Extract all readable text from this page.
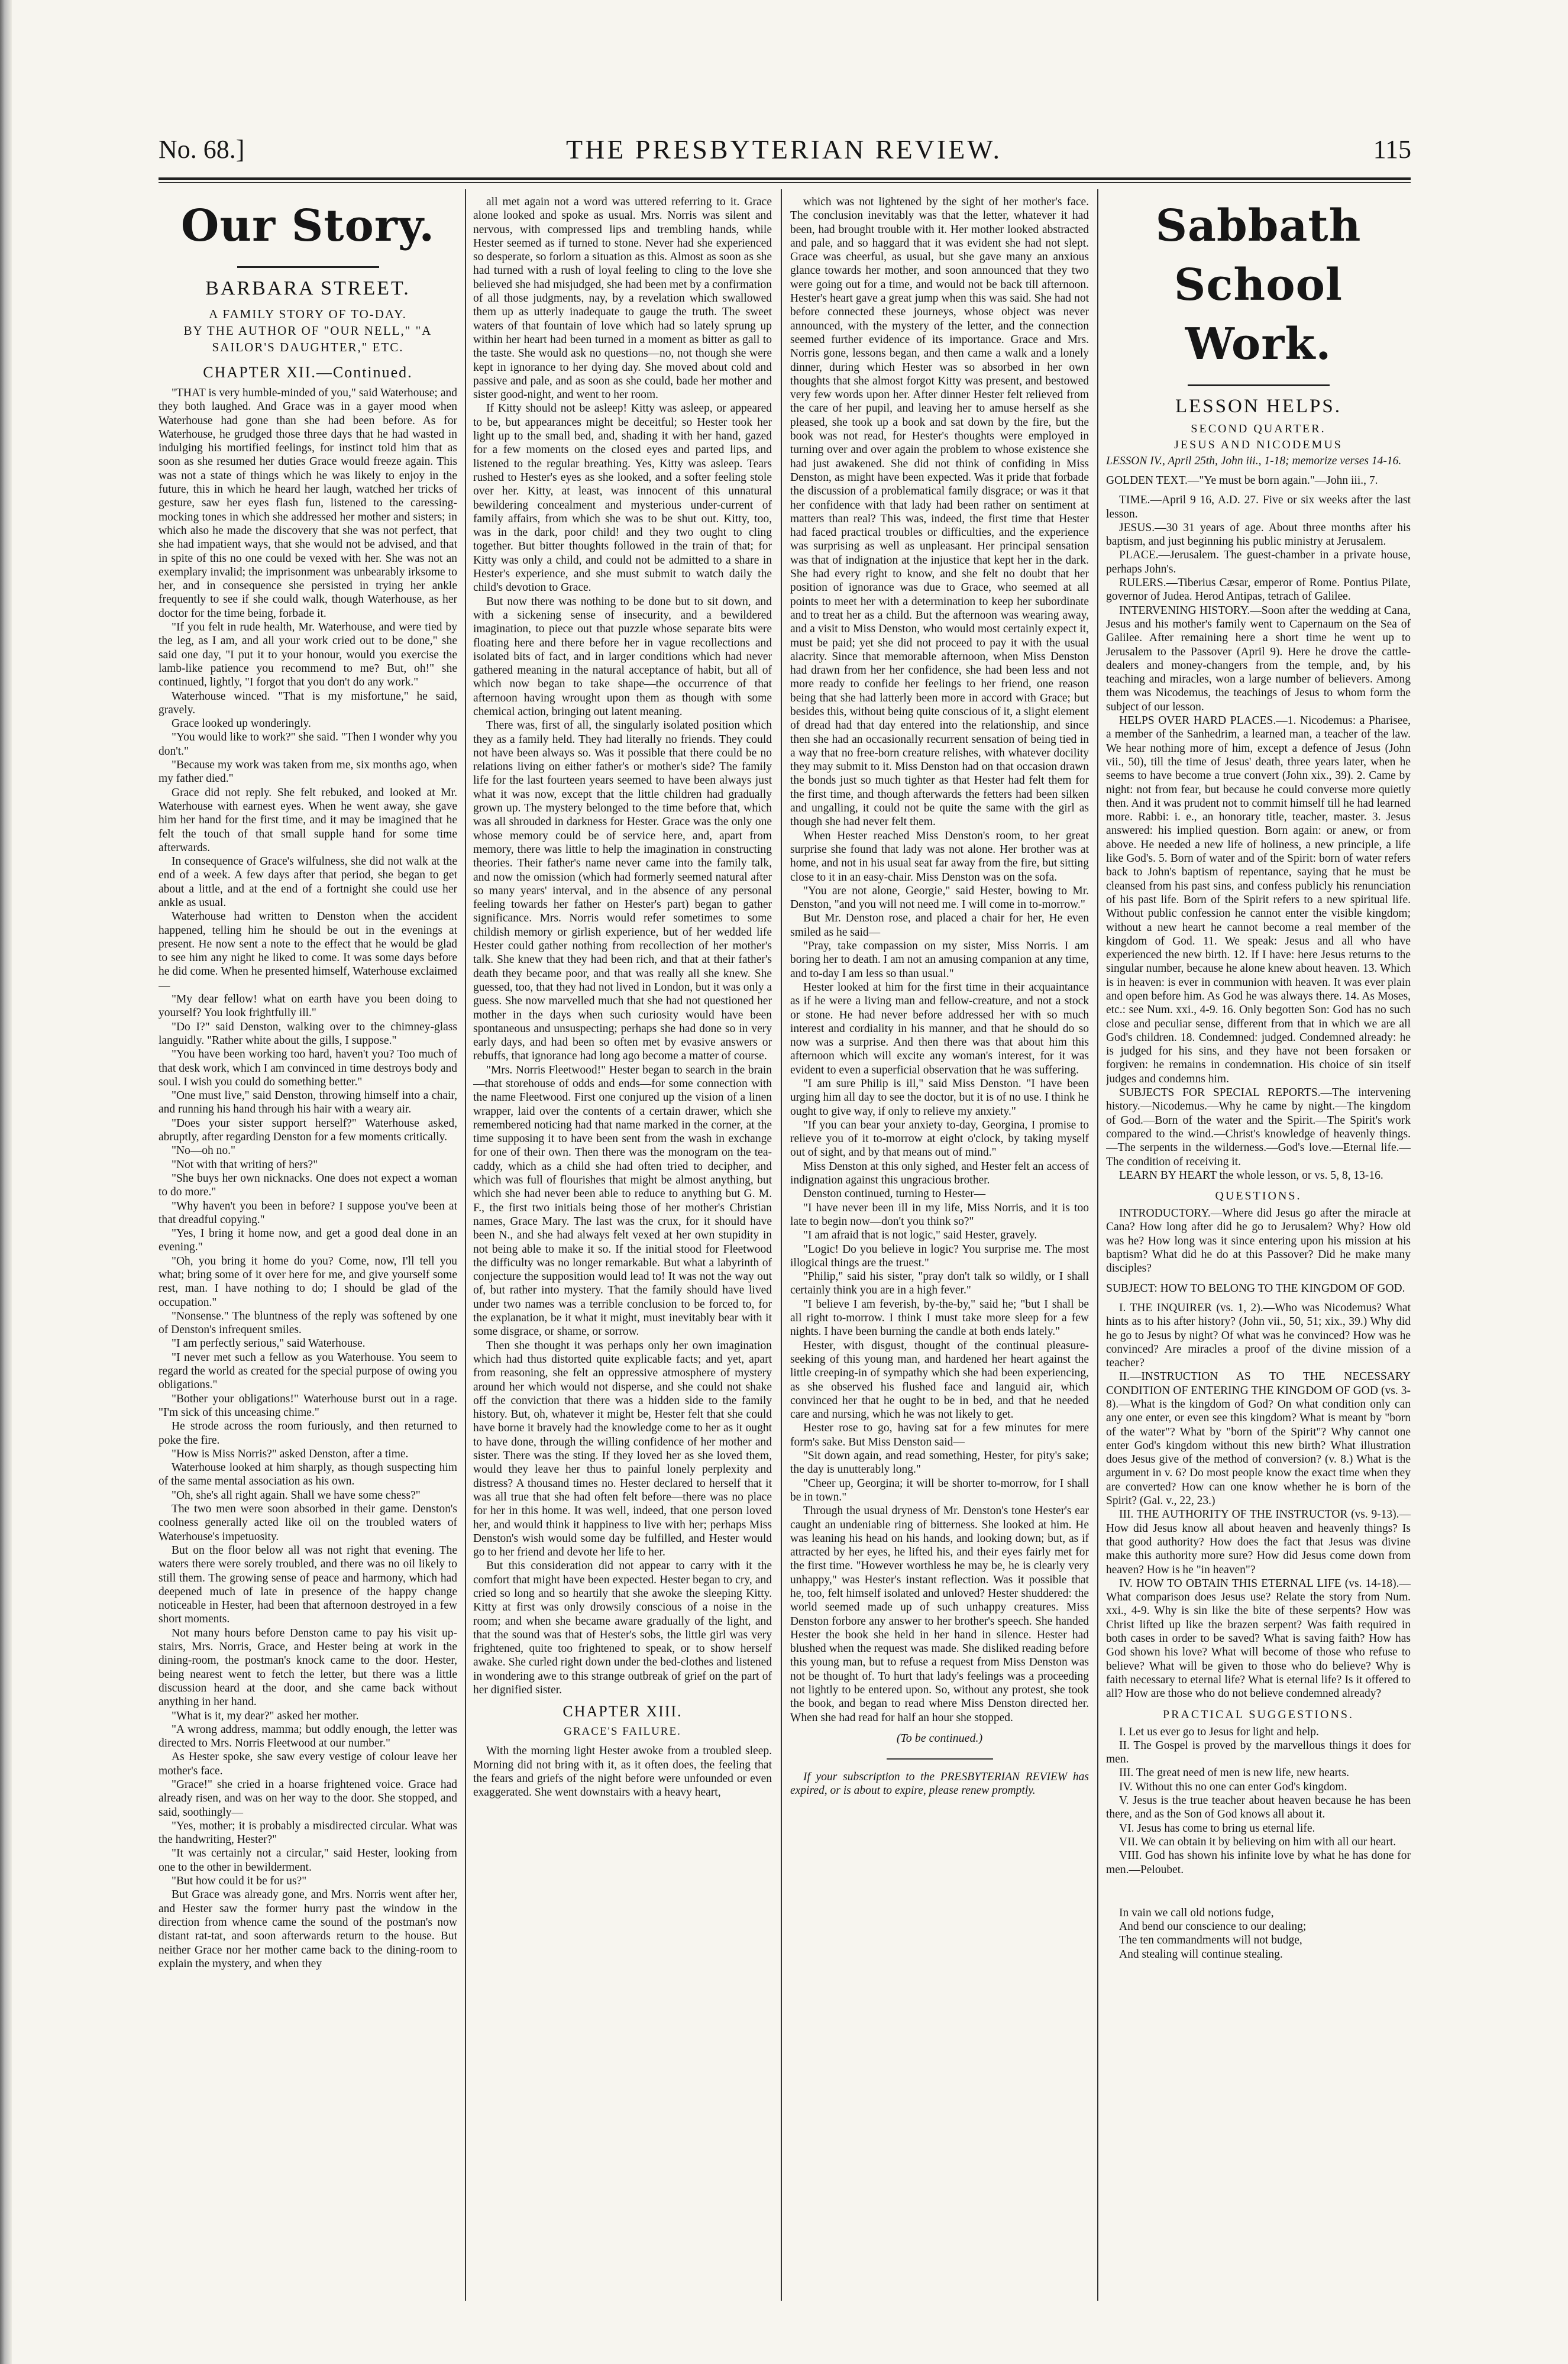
No. 68.]	THE PRESBYTERIAN REVIEW.	115
Our Story.
BARBARA STREET.
A FAMILY STORY OF TO-DAY.
BY THE AUTHOR OF "OUR NELL," "A SAILOR'S DAUGHTER," ETC.
CHAPTER XII.—Continued.

"THAT is very humble-minded of you," said Waterhouse; and they both laughed. And Grace was in a gayer mood when Waterhouse had gone than she had been before. As for Waterhouse, he grudged those three days that he had wasted in indulging his mortified feelings, for instinct told him that as soon as she resumed her duties Grace would freeze again. This was not a state of things which he was likely to enjoy in the future, this in which he heard her laugh, watched her tricks of gesture, saw her eyes flash fun, listened to the caressing-mocking tones in which she addressed her mother and sisters; in which also he made the discovery that she was not perfect, that she had impatient ways, that she would not be advised, and that in spite of this no one could be vexed with her. She was not an exemplary invalid; the imprisonment was unbearably irksome to her, and in consequence she persisted in trying her ankle frequently to see if she could walk, though Waterhouse, as her doctor for the time being, forbade it.

"If you felt in rude health, Mr. Waterhouse, and were tied by the leg, as I am, and all your work cried out to be done," she said one day, "I put it to your honour, would you exercise the lamb-like patience you recommend to me? But, oh!" she continued, lightly, "I forgot that you don't do any work."

Waterhouse winced. "That is my misfortune," he said, gravely.

Grace looked up wonderingly.

"You would like to work?" she said. "Then I wonder why you don't."

"Because my work was taken from me, six months ago, when my father died."

Grace did not reply. She felt rebuked, and looked at Mr. Waterhouse with earnest eyes. When he went away, she gave him her hand for the first time, and it may be imagined that he felt the touch of that small supple hand for some time afterwards.

In consequence of Grace's wilfulness, she did not walk at the end of a week. A few days after that period, she began to get about a little, and at the end of a fortnight she could use her ankle as usual.

Waterhouse had written to Denston when the accident happened, telling him he should be out in the evenings at present. He now sent a note to the effect that he would be glad to see him any night he liked to come. It was some days before he did come. When he presented himself, Waterhouse exclaimed—

"My dear fellow! what on earth have you been doing to yourself? You look frightfully ill."

"Do I?" said Denston, walking over to the chimney-glass languidly. "Rather white about the gills, I suppose."

"You have been working too hard, haven't you? Too much of that desk work, which I am convinced in time destroys body and soul. I wish you could do something better."

"One must live," said Denston, throwing himself into a chair, and running his hand through his hair with a weary air.

"Does your sister support herself?" Waterhouse asked, abruptly, after regarding Denston for a few moments critically.

"No—oh no."

"Not with that writing of hers?"

"She buys her own nicknacks. One does not expect a woman to do more."

"Why haven't you been in before? I suppose you've been at that dreadful copying."

"Yes, I bring it home now, and get a good deal done in an evening."

"Oh, you bring it home do you? Come, now, I'll tell you what; bring some of it over here for me, and give yourself some rest, man. I have nothing to do; I should be glad of the occupation."

"Nonsense." The bluntness of the reply was softened by one of Denston's infrequent smiles.

"I am perfectly serious," said Waterhouse.

"I never met such a fellow as you Waterhouse. You seem to regard the world as created for the special purpose of owing you obligations."

"Bother your obligations!" Waterhouse burst out in a rage. "I'm sick of this unceasing chime."

He strode across the room furiously, and then returned to poke the fire.

"How is Miss Norris?" asked Denston, after a time.

Waterhouse looked at him sharply, as though suspecting him of the same mental association as his own.

"Oh, she's all right again. Shall we have some chess?"

The two men were soon absorbed in their game. Denston's coolness generally acted like oil on the troubled waters of Waterhouse's impetuosity.

But on the floor below all was not right that evening. The waters there were sorely troubled, and there was no oil likely to still them. The growing sense of peace and harmony, which had deepened much of late in presence of the happy change noticeable in Hester, had been that afternoon destroyed in a few short moments.

Not many hours before Denston came to pay his visit up-stairs, Mrs. Norris, Grace, and Hester being at work in the dining-room, the postman's knock came to the door. Hester, being nearest went to fetch the letter, but there was a little discussion heard at the door, and she came back without anything in her hand.

"What is it, my dear?" asked her mother.

"A wrong address, mamma; but oddly enough, the letter was directed to Mrs. Norris Fleetwood at our number."

As Hester spoke, she saw every vestige of colour leave her mother's face.

"Grace!" she cried in a hoarse frightened voice. Grace had already risen, and was on her way to the door. She stopped, and said, soothingly—

"Yes, mother; it is probably a misdirected circular. What was the handwriting, Hester?"

"It was certainly not a circular," said Hester, looking from one to the other in bewilderment.

"But how could it be for us?"

But Grace was already gone, and Mrs. Norris went after her, and Hester saw the former hurry past the window in the direction from whence came the sound of the postman's now distant rat-tat, and soon afterwards return to the house. But neither Grace nor her mother came back to the dining-room to explain the mystery, and when they

all met again not a word was uttered referring to it. Grace alone looked and spoke as usual. Mrs. Norris was silent and nervous, with compressed lips and trembling hands, while Hester seemed as if turned to stone. Never had she experienced so desperate, so forlorn a situation as this. Almost as soon as she had turned with a rush of loyal feeling to cling to the love she believed she had misjudged, she had been met by a confirmation of all those judgments, nay, by a revelation which swallowed them up as utterly inadequate to gauge the truth. The sweet waters of that fountain of love which had so lately sprung up within her heart had been turned in a moment as bitter as gall to the taste. She would ask no questions—no, not though she were kept in ignorance to her dying day. She moved about cold and passive and pale, and as soon as she could, bade her mother and sister good-night, and went to her room.

If Kitty should not be asleep! Kitty was asleep, or appeared to be, but appearances might be deceitful; so Hester took her light up to the small bed, and, shading it with her hand, gazed for a few moments on the closed eyes and parted lips, and listened to the regular breathing. Yes, Kitty was asleep. Tears rushed to Hester's eyes as she looked, and a softer feeling stole over her. Kitty, at least, was innocent of this unnatural bewildering concealment and mysterious under-current of family affairs, from which she was to be shut out. Kitty, too, was in the dark, poor child! and they two ought to cling together. But bitter thoughts followed in the train of that; for Kitty was only a child, and could not be admitted to a share in Hester's experience, and she must submit to watch daily the child's devotion to Grace.

But now there was nothing to be done but to sit down, and with a sickening sense of insecurity, and a bewildered imagination, to piece out that puzzle whose separate bits were floating here and there before her in vague recollections and isolated bits of fact, and in larger conditions which had never gathered meaning in the natural acceptance of habit, but all of which now began to take shape—the occurrence of that afternoon having wrought upon them as though with some chemical action, bringing out latent meaning.

There was, first of all, the singularly isolated position which they as a family held. They had literally no friends. They could not have been always so. Was it possible that there could be no relations living on either father's or mother's side? The family life for the last fourteen years seemed to have been always just what it was now, except that the little children had gradually grown up. The mystery belonged to the time before that, which was all shrouded in darkness for Hester. Grace was the only one whose memory could be of service here, and, apart from memory, there was little to help the imagination in constructing theories. Their father's name never came into the family talk, and now the omission (which had formerly seemed natural after so many years' interval, and in the absence of any personal feeling towards her father on Hester's part) began to gather significance. Mrs. Norris would refer sometimes to some childish memory or girlish experience, but of her wedded life Hester could gather nothing from recollection of her mother's talk. She knew that they had been rich, and that at their father's death they became poor, and that was really all she knew. She guessed, too, that they had not lived in London, but it was only a guess. She now marvelled much that she had not questioned her mother in the days when such curiosity would have been spontaneous and unsuspecting; perhaps she had done so in very early days, and had been so often met by evasive answers or rebuffs, that ignorance had long ago become a matter of course.

"Mrs. Norris Fleetwood!" Hester began to search in the brain—that storehouse of odds and ends—for some connection with the name Fleetwood. First one conjured up the vision of a linen wrapper, laid over the contents of a certain drawer, which she remembered noticing had that name marked in the corner, at the time supposing it to have been sent from the wash in exchange for one of their own. Then there was the monogram on the tea-caddy, which as a child she had often tried to decipher, and which was full of flourishes that might be almost anything, but which she had never been able to reduce to anything but G. M. F., the first two initials being those of her mother's Christian names, Grace Mary. The last was the crux, for it should have been N., and she had always felt vexed at her own stupidity in not being able to make it so. If the initial stood for Fleetwood the difficulty was no longer remarkable. But what a labyrinth of conjecture the supposition would lead to! It was not the way out of, but rather into mystery. That the family should have lived under two names was a terrible conclusion to be forced to, for the explanation, be it what it might, must inevitably bear with it some disgrace, or shame, or sorrow.

Then she thought it was perhaps only her own imagination which had thus distorted quite explicable facts; and yet, apart from reasoning, she felt an oppressive atmosphere of mystery around her which would not disperse, and she could not shake off the conviction that there was a hidden side to the family history. But, oh, whatever it might be, Hester felt that she could have borne it bravely had the knowledge come to her as it ought to have done, through the willing confidence of her mother and sister. There was the sting. If they loved her as she loved them, would they leave her thus to painful lonely perplexity and distress? A thousand times no. Hester declared to herself that it was all true that she had often felt before—there was no place for her in this home. It was well, indeed, that one person loved her, and would think it happiness to live with her; perhaps Miss Denston's wish would some day be fulfilled, and Hester would go to her friend and devote her life to her.

But this consideration did not appear to carry with it the comfort that might have been expected. Hester began to cry, and cried so long and so heartily that she awoke the sleeping Kitty. Kitty at first was only drowsily conscious of a noise in the room; and when she became aware gradually of the light, and that the sound was that of Hester's sobs, the little girl was very frightened, quite too frightened to speak, or to show herself awake. She curled right down under the bed-clothes and listened in wondering awe to this strange outbreak of grief on the part of her dignified sister.

CHAPTER XIII.
GRACE'S FAILURE.

With the morning light Hester awoke from a troubled sleep. Morning did not bring with it, as it often does, the feeling that the fears and griefs of the night before were unfounded or even exaggerated. She went downstairs with a heavy heart,

which was not lightened by the sight of her mother's face. The conclusion inevitably was that the letter, whatever it had been, had brought trouble with it. Her mother looked abstracted and pale, and so haggard that it was evident she had not slept. Grace was cheerful, as usual, but she gave many an anxious glance towards her mother, and soon announced that they two were going out for a time, and would not be back till afternoon. Hester's heart gave a great jump when this was said. She had not before connected these journeys, whose object was never announced, with the mystery of the letter, and the connection seemed further evidence of its importance. Grace and Mrs. Norris gone, lessons began, and then came a walk and a lonely dinner, during which Hester was so absorbed in her own thoughts that she almost forgot Kitty was present, and bestowed very few words upon her. After dinner Hester felt relieved from the care of her pupil, and leaving her to amuse herself as she pleased, she took up a book and sat down by the fire, but the book was not read, for Hester's thoughts were employed in turning over and over again the problem to whose existence she had just awakened. She did not think of confiding in Miss Denston, as might have been expected. Was it pride that forbade the discussion of a problematical family disgrace; or was it that her confidence with that lady had been rather on sentiment at matters than real? This was, indeed, the first time that Hester had faced practical troubles or difficulties, and the experience was surprising as well as unpleasant. Her principal sensation was that of indignation at the injustice that kept her in the dark. She had every right to know, and she felt no doubt that her position of ignorance was due to Grace, who seemed at all points to meet her with a determination to keep her subordinate and to treat her as a child. But the afternoon was wearing away, and a visit to Miss Denston, who would most certainly expect it, must be paid; yet she did not proceed to pay it with the usual alacrity. Since that memorable afternoon, when Miss Denston had drawn from her her confidence, she had been less and not more ready to confide her feelings to her friend, one reason being that she had latterly been more in accord with Grace; but besides this, without being quite conscious of it, a slight element of dread had that day entered into the relationship, and since then she had an occasionally recurrent sensation of being tied in a way that no free-born creature relishes, with whatever docility they may submit to it. Miss Denston had on that occasion drawn the bonds just so much tighter as that Hester had felt them for the first time, and though afterwards the fetters had been silken and ungalling, it could not be quite the same with the girl as though she had never felt them.

When Hester reached Miss Denston's room, to her great surprise she found that lady was not alone. Her brother was at home, and not in his usual seat far away from the fire, but sitting close to it in an easy-chair. Miss Denston was on the sofa.

"You are not alone, Georgie," said Hester, bowing to Mr. Denston, "and you will not need me. I will come in to-morrow."

But Mr. Denston rose, and placed a chair for her, He even smiled as he said—

"Pray, take compassion on my sister, Miss Norris. I am boring her to death. I am not an amusing companion at any time, and to-day I am less so than usual."

Hester looked at him for the first time in their acquaintance as if he were a living man and fellow-creature, and not a stock or stone. He had never before addressed her with so much interest and cordiality in his manner, and that he should do so now was a surprise. And then there was that about him this afternoon which will excite any woman's interest, for it was evident to even a superficial observation that he was suffering.

"I am sure Philip is ill," said Miss Denston. "I have been urging him all day to see the doctor, but it is of no use. I think he ought to give way, if only to relieve my anxiety."

"If you can bear your anxiety to-day, Georgina, I promise to relieve you of it to-morrow at eight o'clock, by taking myself out of sight, and by that means out of mind."

Miss Denston at this only sighed, and Hester felt an access of indignation against this ungracious brother.

Denston continued, turning to Hester—

"I have never been ill in my life, Miss Norris, and it is too late to begin now—don't you think so?"

"I am afraid that is not logic," said Hester, gravely.

"Logic! Do you believe in logic? You surprise me. The most illogical things are the truest."

"Philip," said his sister, "pray don't talk so wildly, or I shall certainly think you are in a high fever."

"I believe I am feverish, by-the-by," said he; "but I shall be all right to-morrow. I think I must take more sleep for a few nights. I have been burning the candle at both ends lately."

Hester, with disgust, thought of the continual pleasure-seeking of this young man, and hardened her heart against the little creeping-in of sympathy which she had been experiencing, as she observed his flushed face and languid air, which convinced her that he ought to be in bed, and that he needed care and nursing, which he was not likely to get.

Hester rose to go, having sat for a few minutes for mere form's sake. But Miss Denston said—

"Sit down again, and read something, Hester, for pity's sake; the day is unutterably long."

"Cheer up, Georgina; it will be shorter to-morrow, for I shall be in town."

Through the usual dryness of Mr. Denston's tone Hester's ear caught an undeniable ring of bitterness. She looked at him. He was leaning his head on his hands, and looking down; but, as if attracted by her eyes, he lifted his, and their eyes fairly met for the first time. "However worthless he may be, he is clearly very unhappy," was Hester's instant reflection. Was it possible that he, too, felt himself isolated and unloved? Hester shuddered: the world seemed made up of such unhappy creatures. Miss Denston forbore any answer to her brother's speech. She handed Hester the book she held in her hand in silence. Hester had blushed when the request was made. She disliked reading before this young man, but to refuse a request from Miss Denston was not be thought of. To hurt that lady's feelings was a proceeding not lightly to be entered upon. So, without any protest, she took the book, and began to read where Miss Denston directed her. When she had read for half an hour she stopped.

(To be continued.)

If your subscription to the PRESBYTERIAN REVIEW has expired, or is about to expire, please renew promptly.

Sabbath School Work.
LESSON HELPS.
SECOND QUARTER.
JESUS AND NICODEMUS

LESSON IV., April 25th, John iii., 1-18; memorize verses 14-16.

GOLDEN TEXT.—"Ye must be born again."—John iii., 7.

TIME.—April 9 16, A.D. 27. Five or six weeks after the last lesson.

JESUS.—30 31 years of age. About three months after his baptism, and just beginning his public ministry at Jerusalem.

PLACE.—Jerusalem. The guest-chamber in a private house, perhaps John's.

RULERS.—Tiberius Cæsar, emperor of Rome. Pontius Pilate, governor of Judea. Herod Antipas, tetrach of Galilee.

INTERVENING HISTORY.—Soon after the wedding at Cana, Jesus and his mother's family went to Capernaum on the Sea of Galilee. After remaining here a short time he went up to Jerusalem to the Passover (April 9). Here he drove the cattle-dealers and money-changers from the temple, and, by his teaching and miracles, won a large number of believers. Among them was Nicodemus, the teachings of Jesus to whom form the subject of our lesson.

HELPS OVER HARD PLACES.—1. Nicodemus: a Pharisee, a member of the Sanhedrim, a learned man, a teacher of the law. We hear nothing more of him, except a defence of Jesus (John vii., 50), till the time of Jesus' death, three years later, when he seems to have become a true convert (John xix., 39). 2. Came by night: not from fear, but because he could converse more quietly then. And it was prudent not to commit himself till he had learned more. Rabbi: i. e., an honorary title, teacher, master. 3. Jesus answered: his implied question. Born again: or anew, or from above. He needed a new life of holiness, a new principle, a life like God's. 5. Born of water and of the Spirit: born of water refers back to John's baptism of repentance, saying that he must be cleansed from his past sins, and confess publicly his renunciation of his past life. Born of the Spirit refers to a new spiritual life. Without public confession he cannot enter the visible kingdom; without a new heart he cannot become a real member of the kingdom of God. 11. We speak: Jesus and all who have experienced the new birth. 12. If I have: here Jesus returns to the singular number, because he alone knew about heaven. 13. Which is in heaven: is ever in communion with heaven. It was ever plain and open before him. As God he was always there. 14. As Moses, etc.: see Num. xxi., 4-9. 16. Only begotten Son: God has no such close and peculiar sense, different from that in which we are all God's children. 18. Condemned: judged. Condemned already: he is judged for his sins, and they have not been forsaken or forgiven: he remains in condemnation. His choice of sin itself judges and condemns him.

SUBJECTS FOR SPECIAL REPORTS.—The intervening history.—Nicodemus.—Why he came by night.—The kingdom of God.—Born of the water and the Spirit.—The Spirit's work compared to the wind.—Christ's knowledge of heavenly things.—The serpents in the wilderness.—God's love.—Eternal life.—The condition of receiving it.

LEARN BY HEART the whole lesson, or vs. 5, 8, 13-16.

QUESTIONS.

INTRODUCTORY.—Where did Jesus go after the miracle at Cana? How long after did he go to Jerusalem? Why? How old was he? How long was it since entering upon his mission at his baptism? What did he do at this Passover? Did he make many disciples?

SUBJECT: HOW TO BELONG TO THE KINGDOM OF GOD.

I. THE INQUIRER (vs. 1, 2).—Who was Nicodemus? What hints as to his after history? (John vii., 50, 51; xix., 39.) Why did he go to Jesus by night? Of what was he convinced? How was he convinced? Are miracles a proof of the divine mission of a teacher?

II.—INSTRUCTION AS TO THE NECESSARY CONDITION OF ENTERING THE KINGDOM OF GOD (vs. 3-8).—What is the kingdom of God? On what condition only can any one enter, or even see this kingdom? What is meant by "born of the water"? What by "born of the Spirit"? Why cannot one enter God's kingdom without this new birth? What illustration does Jesus give of the method of conversion? (v. 8.) What is the argument in v. 6? Do most people know the exact time when they are converted? How can one know whether he is born of the Spirit? (Gal. v., 22, 23.)

III. THE AUTHORITY OF THE INSTRUCTOR (vs. 9-13).—How did Jesus know all about heaven and heavenly things? Is that good authority? How does the fact that Jesus was divine make this authority more sure? How did Jesus come down from heaven? How is he "in heaven"?

IV. HOW TO OBTAIN THIS ETERNAL LIFE (vs. 14-18).—What comparison does Jesus use? Relate the story from Num. xxi., 4-9. Why is sin like the bite of these serpents? How was Christ lifted up like the brazen serpent? Was faith required in both cases in order to be saved? What is saving faith? How has God shown his love? What will become of those who refuse to believe? What will be given to those who do believe? Why is faith necessary to eternal life? What is eternal life? Is it offered to all? How are those who do not believe condemned already?

PRACTICAL SUGGESTIONS.

I. Let us ever go to Jesus for light and help.

II. The Gospel is proved by the marvellous things it does for men.

III. The great need of men is new life, new hearts.

IV. Without this no one can enter God's kingdom.

V. Jesus is the true teacher about heaven because he has been there, and as the Son of God knows all about it.

VI. Jesus has come to bring us eternal life.

VII. We can obtain it by believing on him with all our heart.

VIII. God has shown his infinite love by what he has done for men.—Peloubet.

In vain we call old notions fudge,
And bend our conscience to our dealing;
The ten commandments will not budge,
And stealing will continue stealing.
